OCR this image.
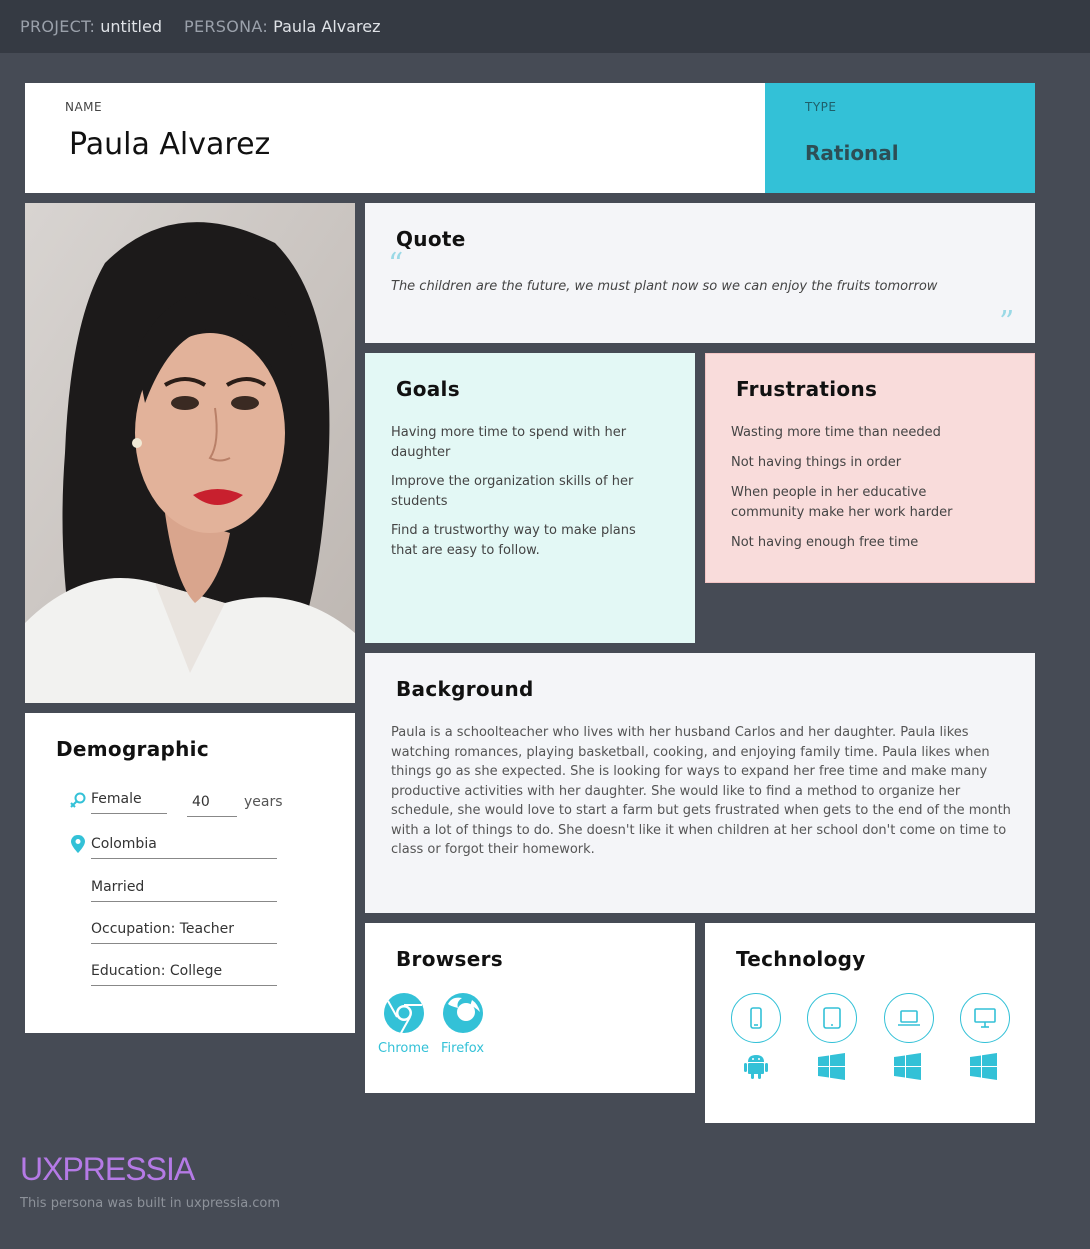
PROJECT: untitled PERSONA: Paula Alvarez
NAME
Paula Alvarez
TYPE
Rational
Quote
“
The children are the future, we must plant now so we can enjoy the fruits tomorrow
”
Goals
Having more time to spend with her daughter
Improve the organization skills of her students
Find a trustworthy way to make plans that are easy to follow.
Frustrations
Wasting more time than needed
Not having things in order
When people in her educative community make her work harder
Not having enough free time
Background
Paula is a schoolteacher who lives with her husband Carlos and her daughter. Paula likes watching romances, playing basketball, cooking, and enjoying family time. Paula likes when things go as she expected. She is looking for ways to expand her free time and make many productive activities with her daughter. She would like to find a method to organize her schedule, she would love to start a farm but gets frustrated when gets to the end of the month with a lot of things to do. She doesn't like it when children at her school don't come on time to class or forgot their homework.
Demographic
Female	40	years
Colombia
Married
Occupation: Teacher
Education: College	Browsers
Chrome Firefox
Technology
UXPRESSIA
This persona was built in uxpressia.com
